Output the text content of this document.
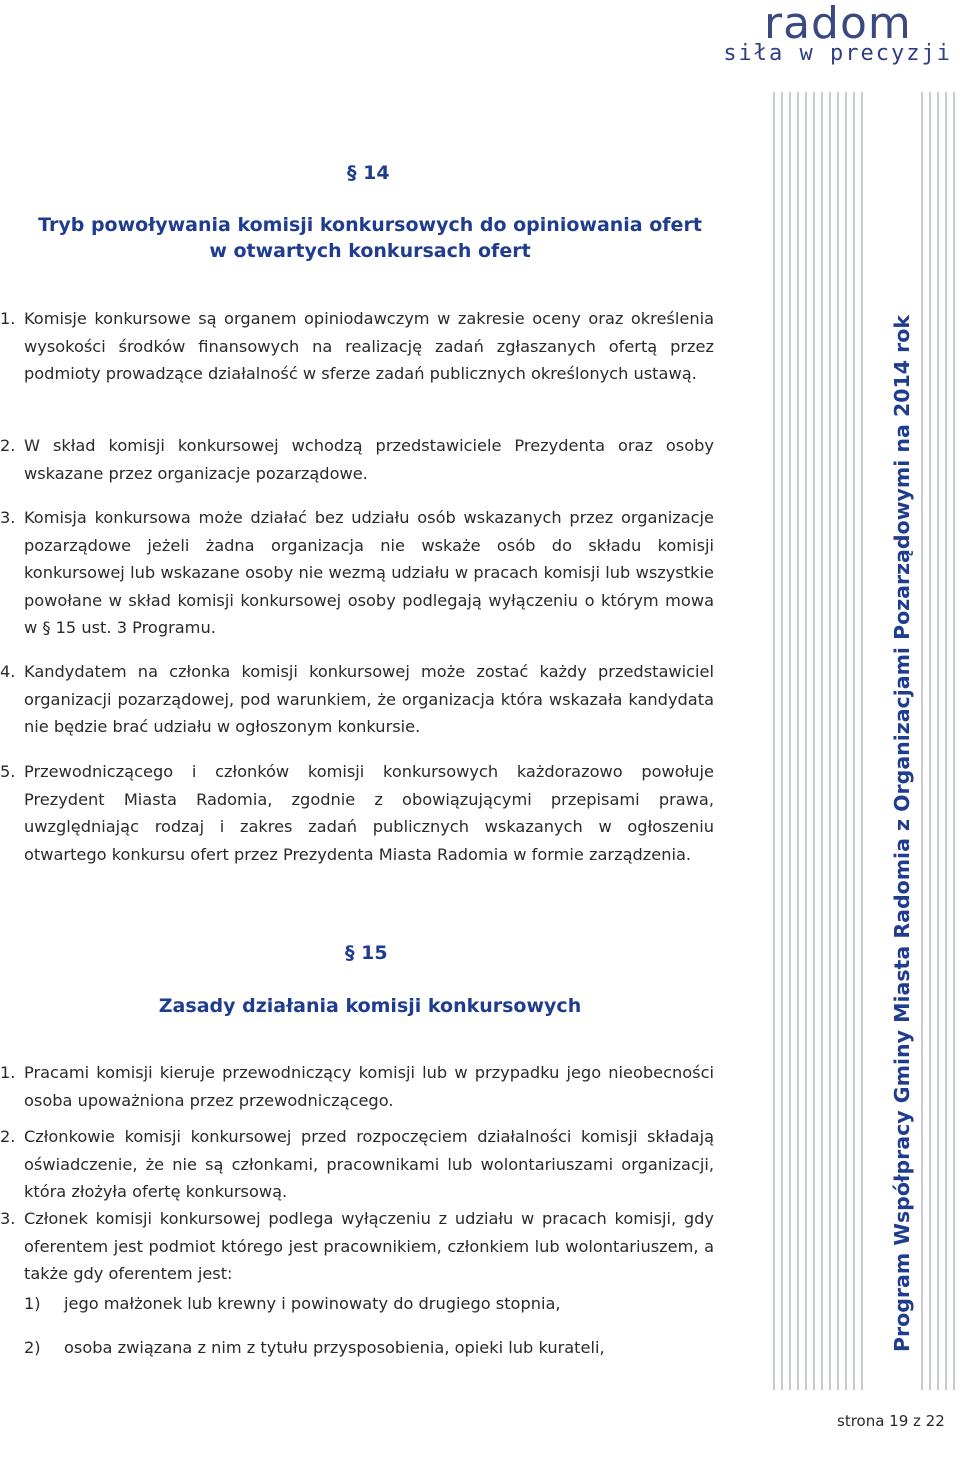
radom
siła w precyzji
Program Współpracy Gminy Miasta Radomia z Organizacjami Pozarządowymi na 2014 rok
§ 14
Tryb powoływania komisji konkursowych do opiniowania ofert
w otwartych konkursach ofert
1. Komisje konkursowe są organem opiniodawczym w zakresie oceny oraz określenia wysokości środków finansowych na realizację zadań zgłaszanych ofertą przez podmioty prowadzące działalność w sferze zadań publicznych określonych ustawą.
2. W skład komisji konkursowej wchodzą przedstawiciele Prezydenta oraz osoby wskazane przez organizacje pozarządowe.
3. Komisja konkursowa może działać bez udziału osób wskazanych przez organizacje pozarządowe jeżeli żadna organizacja nie wskaże osób do składu komisji konkursowej lub wskazane osoby nie wezmą udziału w pracach komisji lub wszystkie powołane w skład komisji konkursowej osoby podlegają wyłączeniu o którym mowa w § 15 ust. 3 Programu.
4. Kandydatem na członka komisji konkursowej może zostać każdy przedstawiciel organizacji pozarządowej, pod warunkiem, że organizacja która wskazała kandydata nie będzie brać udziału w ogłoszonym konkursie.
5. Przewodniczącego i członków komisji konkursowych każdorazowo powołuje Prezydent Miasta Radomia, zgodnie z obowiązującymi przepisami prawa, uwzględniając rodzaj i zakres zadań publicznych wskazanych w ogłoszeniu otwartego konkursu ofert przez Prezydenta Miasta Radomia w formie zarządzenia.
§ 15
Zasady działania komisji konkursowych
1. Pracami komisji kieruje przewodniczący komisji lub w przypadku jego nieobecności osoba upoważniona przez przewodniczącego.
2. Członkowie komisji konkursowej przed rozpoczęciem działalności komisji składają oświadczenie, że nie są członkami, pracownikami lub wolontariuszami organizacji, która złożyła ofertę konkursową.
3. Członek komisji konkursowej podlega wyłączeniu z udziału w pracach komisji, gdy oferentem jest podmiot którego jest pracownikiem, członkiem lub wolontariuszem, a także gdy oferentem jest:
1) jego małżonek lub krewny i powinowaty do drugiego stopnia,
2) osoba związana z nim z tytułu przysposobienia, opieki lub kurateli,
strona 19 z 22
